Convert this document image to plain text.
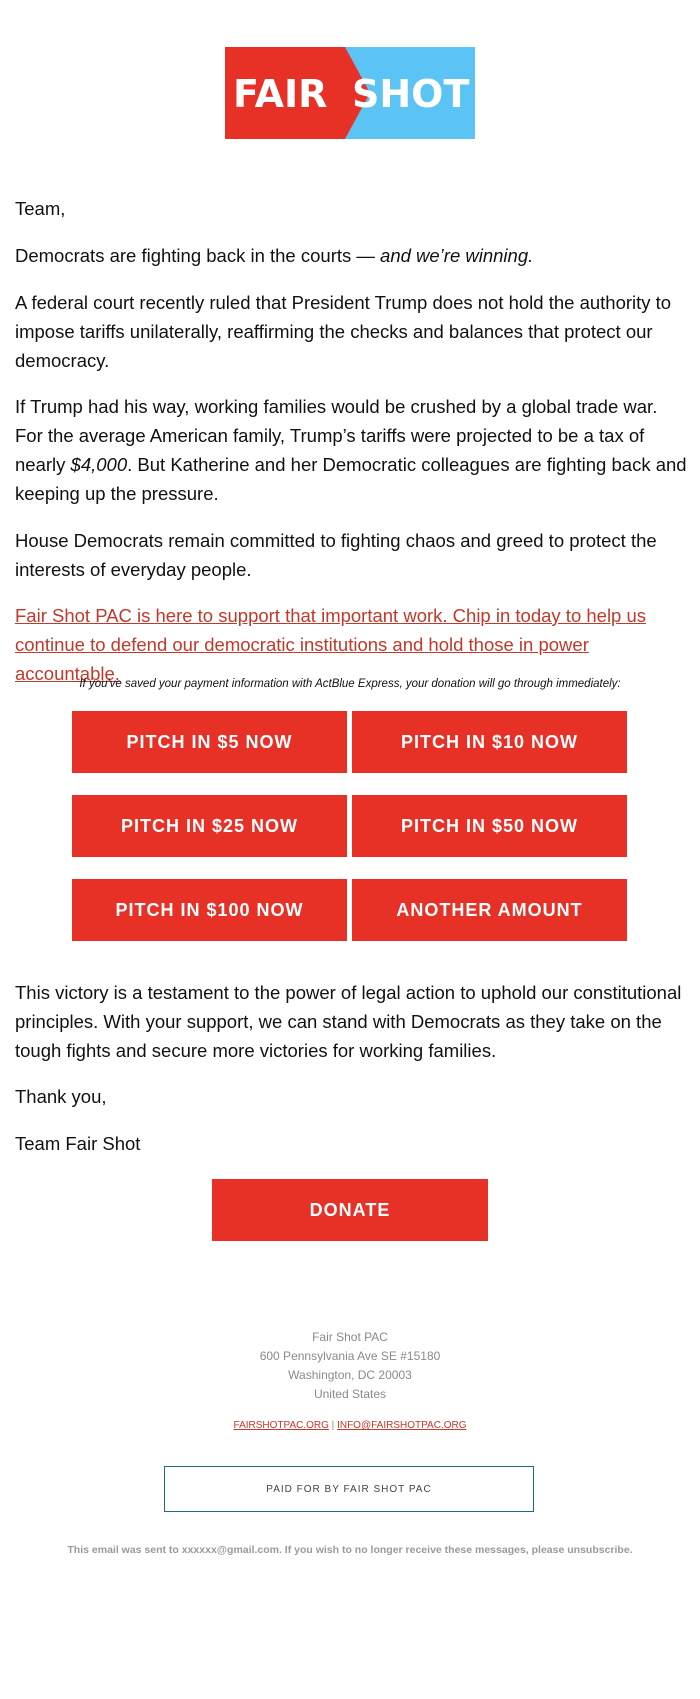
FAIR SHOT

Team,

Democrats are fighting back in the courts — and we’re winning.

A federal court recently ruled that President Trump does not hold the authority to impose tariffs unilaterally, reaffirming the checks and balances that protect our democracy.

If Trump had his way, working families would be crushed by a global trade war. For the average American family, Trump’s tariffs were projected to be a tax of nearly $4,000. But Katherine and her Democratic colleagues are fighting back and keeping up the pressure.

House Democrats remain committed to fighting chaos and greed to protect the interests of everyday people.

Fair Shot PAC is here to support that important work. Chip in today to help us continue to defend our democratic institutions and hold those in power accountable.

If you've saved your payment information with ActBlue Express, your donation will go through immediately:
PITCH IN $5 NOW	PITCH IN $10 NOW
PITCH IN $25 NOW	PITCH IN $50 NOW
PITCH IN $100 NOW	ANOTHER AMOUNT

This victory is a testament to the power of legal action to uphold our constitutional principles. With your support, we can stand with Democrats as they take on the tough fights and secure more victories for working families.

Thank you,

Team Fair Shot

DONATE
Fair Shot PAC
600 Pennsylvania Ave SE #15180
Washington, DC 20003
United States
FAIRSHOTPAC.ORG | INFO@FAIRSHOTPAC.ORG
PAID FOR BY FAIR SHOT PAC
This email was sent to xxxxxx@gmail.com. If you wish to no longer receive these messages, please unsubscribe.
